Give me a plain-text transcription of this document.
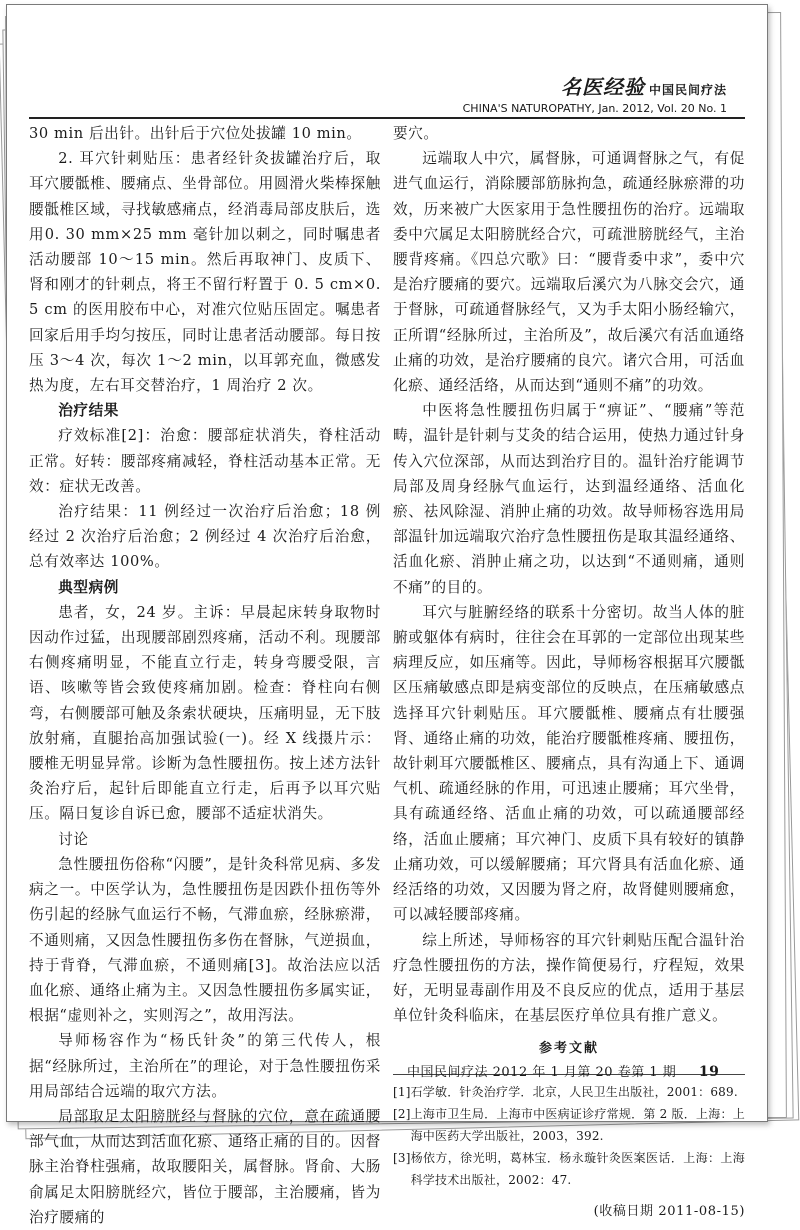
名医经验 中国民间疗法
CHINA'S NATUROPATHY, Jan. 2012, Vol. 20 No. 1

30 min 后出针。出针后于穴位处拔罐 10 min。

2. 耳穴针刺贴压：患者经针灸拔罐治疗后，取耳穴腰骶椎、腰痛点、坐骨部位。用圆滑火柴棒探触腰骶椎区域，寻找敏感痛点，经消毒局部皮肤后，选用0. 30 mm×25 mm 毫针加以刺之，同时嘱患者活动腰部 10～15 min。然后再取神门、皮质下、肾和刚才的针刺点，将王不留行籽置于 0. 5 cm×0. 5 cm 的医用胶布中心，对准穴位贴压固定。嘱患者回家后用手均匀按压，同时让患者活动腰部。每日按压 3～4 次，每次 1～2 min，以耳郭充血，微感发热为度，左右耳交替治疗，1 周治疗 2 次。

治疗结果

疗效标准[2]：治愈：腰部症状消失，脊柱活动正常。好转：腰部疼痛减轻，脊柱活动基本正常。无效：症状无改善。

治疗结果：11 例经过一次治疗后治愈；18 例经过 2 次治疗后治愈；2 例经过 4 次治疗后治愈，总有效率达 100%。

典型病例

患者，女，24 岁。主诉：早晨起床转身取物时因动作过猛，出现腰部剧烈疼痛，活动不利。现腰部右侧疼痛明显，不能直立行走，转身弯腰受限，言语、咳嗽等皆会致使疼痛加剧。检查：脊柱向右侧弯，右侧腰部可触及条索状硬块，压痛明显，无下肢放射痛，直腿抬高加强试验(一)。经 X 线摄片示：腰椎无明显异常。诊断为急性腰扭伤。按上述方法针灸治疗后，起针后即能直立行走，后再予以耳穴贴压。隔日复诊自诉已愈，腰部不适症状消失。

讨论

急性腰扭伤俗称“闪腰”，是针灸科常见病、多发病之一。中医学认为，急性腰扭伤是因跌仆扭伤等外伤引起的经脉气血运行不畅，气滞血瘀，经脉瘀滞，不通则痛，又因急性腰扭伤多伤在督脉，气逆损血，持于背脊，气滞血瘀，不通则痛[3]。故治法应以活血化瘀、通络止痛为主。又因急性腰扭伤多属实证，根据“虚则补之，实则泻之”，故用泻法。

导师杨容作为“杨氏针灸”的第三代传人，根据“经脉所过，主治所在”的理论，对于急性腰扭伤采用局部结合远端的取穴方法。

局部取足太阳膀胱经与督脉的穴位，意在疏通腰部气血，从而达到活血化瘀、通络止痛的目的。因督脉主治脊柱强痛，故取腰阳关，属督脉。肾俞、大肠俞属足太阳膀胱经穴，皆位于腰部，主治腰痛，皆为治疗腰痛的

要穴。

远端取人中穴，属督脉，可通调督脉之气，有促进气血运行，消除腰部筋脉拘急，疏通经脉瘀滞的功效，历来被广大医家用于急性腰扭伤的治疗。远端取委中穴属足太阳膀胱经合穴，可疏泄膀胱经气，主治腰背疼痛。《四总穴歌》曰：“腰背委中求”，委中穴是治疗腰痛的要穴。远端取后溪穴为八脉交会穴，通于督脉，可疏通督脉经气，又为手太阳小肠经输穴，正所谓“经脉所过，主治所及”，故后溪穴有活血通络止痛的功效，是治疗腰痛的良穴。诸穴合用，可活血化瘀、通经活络，从而达到“通则不痛”的功效。

中医将急性腰扭伤归属于“痹证”、“腰痛”等范畴，温针是针刺与艾灸的结合运用，使热力通过针身传入穴位深部，从而达到治疗目的。温针治疗能调节局部及周身经脉气血运行，达到温经通络、活血化瘀、祛风除湿、消肿止痛的功效。故导师杨容选用局部温针加远端取穴治疗急性腰扭伤是取其温经通络、活血化瘀、消肿止痛之功，以达到“不通则痛，通则不痛”的目的。

耳穴与脏腑经络的联系十分密切。故当人体的脏腑或躯体有病时，往往会在耳郭的一定部位出现某些病理反应，如压痛等。因此，导师杨容根据耳穴腰骶区压痛敏感点即是病变部位的反映点，在压痛敏感点选择耳穴针刺贴压。耳穴腰骶椎、腰痛点有壮腰强肾、通络止痛的功效，能治疗腰骶椎疼痛、腰扭伤，故针刺耳穴腰骶椎区、腰痛点，具有沟通上下、通调气机、疏通经脉的作用，可迅速止腰痛；耳穴坐骨，具有疏通经络、活血止痛的功效，可以疏通腰部经络，活血止腰痛；耳穴神门、皮质下具有较好的镇静止痛功效，可以缓解腰痛；耳穴肾具有活血化瘀、通经活络的功效，又因腰为肾之府，故肾健则腰痛愈，可以减轻腰部疼痛。

综上所述，导师杨容的耳穴针刺贴压配合温针治疗急性腰扭伤的方法，操作简便易行，疗程短，效果好，无明显毒副作用及不良反应的优点，适用于基层单位针灸科临床，在基层医疗单位具有推广意义。

参考文献
[1] 石学敏．针灸治疗学．北京，人民卫生出版社，2001：689.
[2] 上海市卫生局．上海市中医病证诊疗常规．第 2 版．上海：上海中医药大学出版社，2003，392.
[3] 杨依方，徐光明，葛林宝．杨永璇针灸医案医话．上海：上海科学技术出版社，2002：47.
(收稿日期 2011-08-15)
中国民间疗法 2012 年 1 月第 20 卷第 1 期 19
